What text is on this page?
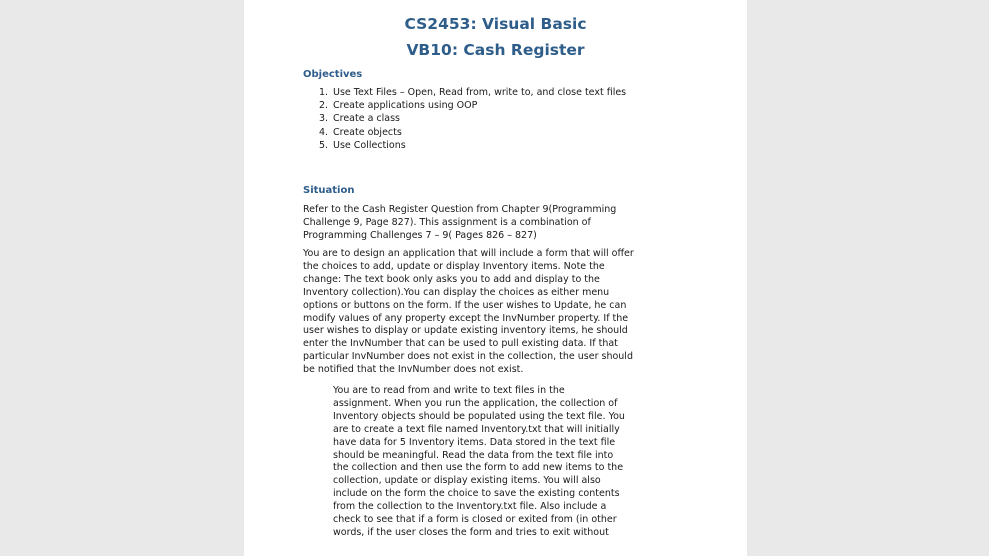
CS2453: Visual Basic
VB10: Cash Register
Objectives
1. Use Text Files – Open, Read from, write to, and close text files
2. Create applications using OOP
3. Create a class
4. Create objects
5. Use Collections
Situation

Refer to the Cash Register Question from Chapter 9(Programming
Challenge 9, Page 827). This assignment is a combination of
Programming Challenges 7 – 9( Pages 826 – 827)

You are to design an application that will include a form that will offer
the choices to add, update or display Inventory items. Note the
change: The text book only asks you to add and display to the
Inventory collection).You can display the choices as either menu
options or buttons on the form. If the user wishes to Update, he can
modify values of any property except the InvNumber property. If the
user wishes to display or update existing inventory items, he should
enter the InvNumber that can be used to pull existing data. If that
particular InvNumber does not exist in the collection, the user should
be notified that the InvNumber does not exist.

You are to read from and write to text files in the
assignment. When you run the application, the collection of
Inventory objects should be populated using the text file. You
are to create a text file named Inventory.txt that will initially
have data for 5 Inventory items. Data stored in the text file
should be meaningful. Read the data from the text file into
the collection and then use the form to add new items to the
collection, update or display existing items. You will also
include on the form the choice to save the existing contents
from the collection to the Inventory.txt file. Also include a
check to see that if a form is closed or exited from (in other
words, if the user closes the form and tries to exit without
